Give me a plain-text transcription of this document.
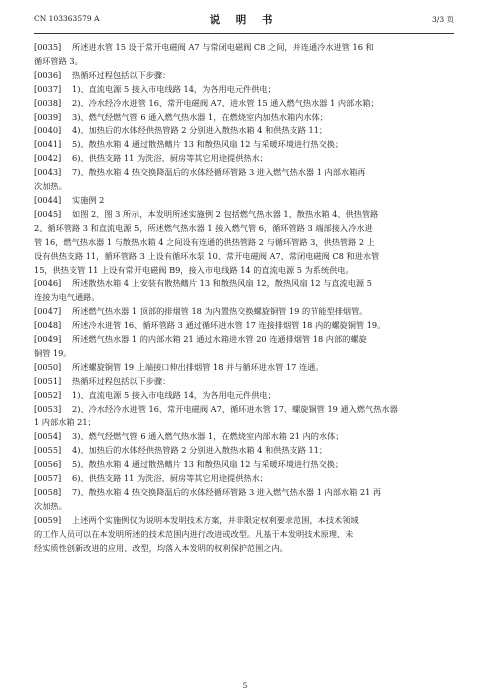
CN 103363579 A	说 明 书	3/3 页
[0035] 所述进水管 15 设于常开电磁阀 A7 与常闭电磁阀 C8 之间，并连通冷水进管 16 和
循环管路 3。
[0036] 热循环过程包括以下步骤：
[0037] 1)、直流电源 5 接入市电线路 14，为各用电元件供电；
[0038] 2)、冷水经冷水进管 16、常开电磁阀 A7、进水管 15 通入燃气热水器 1 内部水箱；
[0039] 3)、燃气经燃气管 6 通入燃气热水器 1，在燃烧室内加热水箱内水体；
[0040] 4)、加热后的水体经供热管路 2 分别进入散热水箱 4 和供热支路 11；
[0041] 5)、散热水箱 4 通过散热鳍片 13 和散热风扇 12 与采暖环境进行热交换；
[0042] 6)、供热支路 11 为洗浴、厨房等其它用途提供热水；
[0043] 7)、散热水箱 4 热交换降温后的水体经循环管路 3 进入燃气热水器 1 内部水箱再
次加热。
[0044] 实施例 2
[0045] 如图 2、图 3 所示，本发明所述实施例 2 包括燃气热水器 1、散热水箱 4、供热管路
2、循环管路 3 和直流电源 5，所述燃气热水器 1 接入燃气管 6，循环管路 3 端部接入冷水进
管 16，燃气热水器 1 与散热水箱 4 之间设有连通的供热管路 2 与循环管路 3，供热管路 2 上
设有供热支路 11，循环管路 3 上设有循环水泵 10、常开电磁阀 A7、常闭电磁阀 C8 和进水管
15，供热支管 11 上设有常开电磁阀 B9，接入市电线路 14 的直流电源 5 为系统供电。
[0046] 所述散热水箱 4 上安装有散热鳍片 13 和散热风扇 12，散热风扇 12 与直流电源 5
连接为电气通路。
[0047] 所述燃气热水器 1 顶部的排烟管 18 为内置热交换螺旋铜管 19 的节能型排烟管。
[0048] 所述冷水进管 16、循环管路 3 通过循环进水管 17 连接排烟管 18 内的螺旋铜管 19。
[0049] 所述燃气热水器 1 的内部水箱 21 通过水箱进水管 20 连通排烟管 18 内部的螺旋
铜管 19。
[0050] 所述螺旋铜管 19 上端接口伸出排烟管 18 并与循环进水管 17 连通。
[0051] 热循环过程包括以下步骤：
[0052] 1)、直流电源 5 接入市电线路 14，为各用电元件供电；
[0053] 2)、冷水经冷水进管 16、常开电磁阀 A7、循环进水管 17、螺旋铜管 19 通入燃气热水器
1 内部水箱 21；
[0054] 3)、燃气经燃气管 6 通入燃气热水器 1，在燃烧室内部水箱 21 内的水体；
[0055] 4)、加热后的水体经供热管路 2 分别进入散热水箱 4 和供热支路 11；
[0056] 5)、散热水箱 4 通过散热鳍片 13 和散热风扇 12 与采暖环境进行热交换；
[0057] 6)、供热支路 11 为洗浴、厨房等其它用途提供热水；
[0058] 7)、散热水箱 4 热交换降温后的水体经循环管路 3 进入燃气热水器 1 内部水箱 21 再
次加热。
[0059] 上述两个实施例仅为说明本发明技术方案，并非限定权利要求范围，本技术领域
的工作人员可以在本发明所述的技术范围内进行改进或改型。凡基于本发明技术原理、未
经实质性创新改进的应用、改型，均落入本发明的权利保护范围之内。
5
